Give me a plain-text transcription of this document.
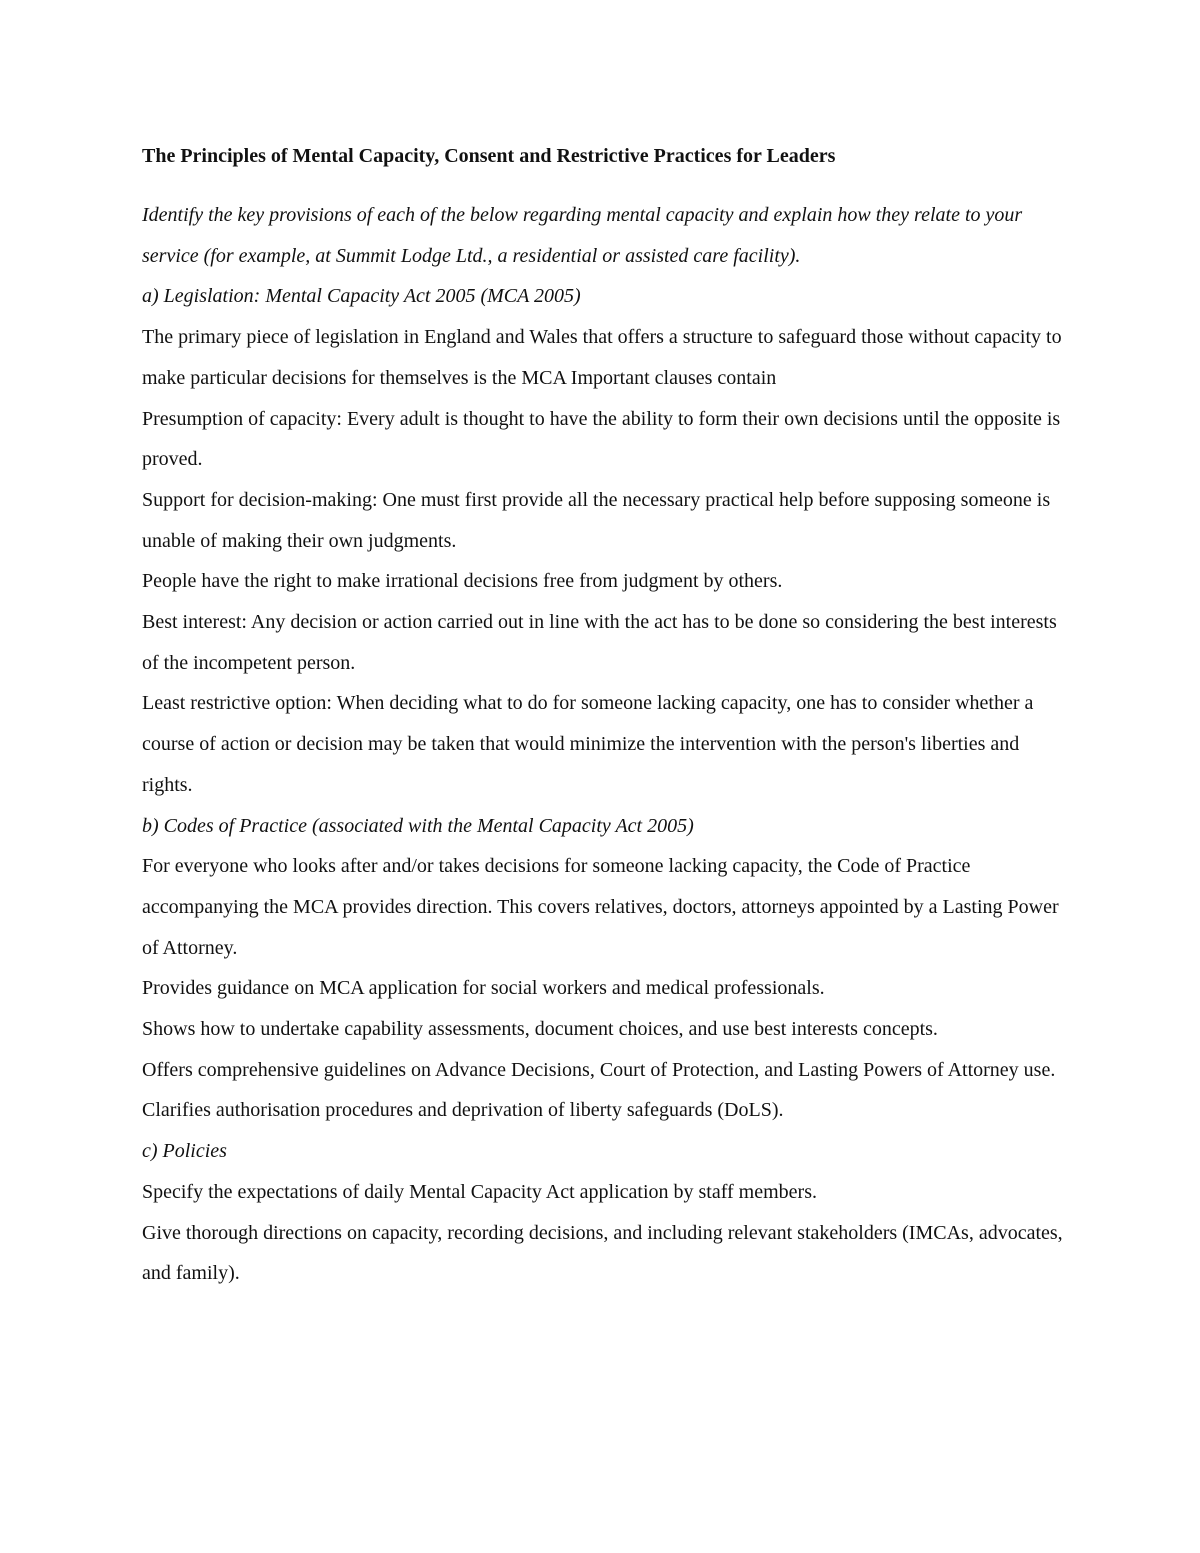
The Principles of Mental Capacity, Consent and Restrictive Practices for Leaders

Identify the key provisions of each of the below regarding mental capacity and explain how they relate to your service (for example, at Summit Lodge Ltd., a residential or assisted care facility).

a) Legislation: Mental Capacity Act 2005 (MCA 2005)

The primary piece of legislation in England and Wales that offers a structure to safeguard those without capacity to make particular decisions for themselves is the MCA Important clauses contain

Presumption of capacity: Every adult is thought to have the ability to form their own decisions until the opposite is proved.

Support for decision-making: One must first provide all the necessary practical help before supposing someone is unable of making their own judgments.

People have the right to make irrational decisions free from judgment by others.

Best interest: Any decision or action carried out in line with the act has to be done so considering the best interests of the incompetent person.

Least restrictive option: When deciding what to do for someone lacking capacity, one has to consider whether a course of action or decision may be taken that would minimize the intervention with the person's liberties and rights.

b) Codes of Practice (associated with the Mental Capacity Act 2005)

For everyone who looks after and/or takes decisions for someone lacking capacity, the Code of Practice accompanying the MCA provides direction. This covers relatives, doctors, attorneys appointed by a Lasting Power of Attorney.

Provides guidance on MCA application for social workers and medical professionals.

Shows how to undertake capability assessments, document choices, and use best interests concepts.

Offers comprehensive guidelines on Advance Decisions, Court of Protection, and Lasting Powers of Attorney use.

Clarifies authorisation procedures and deprivation of liberty safeguards (DoLS).

c) Policies

Specify the expectations of daily Mental Capacity Act application by staff members.

Give thorough directions on capacity, recording decisions, and including relevant stakeholders (IMCAs, advocates, and family).
